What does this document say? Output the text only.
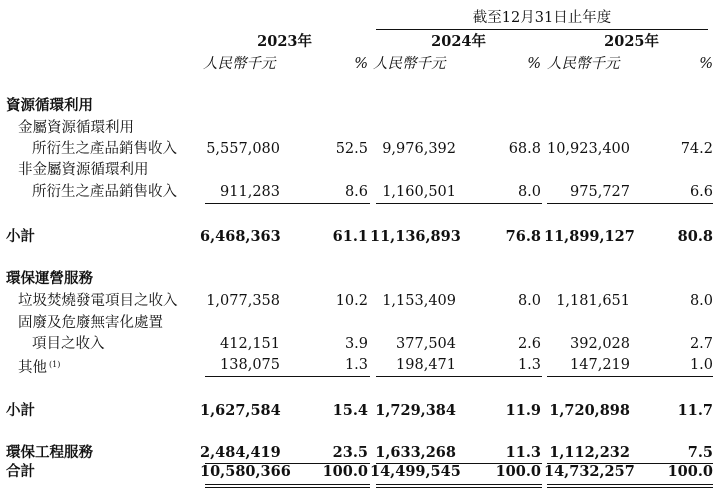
截至12月31日止年度
2023年	2024年	2025年
人民幣千元	% 人民幣千元	% 人民幣千元	%
資源循環利用
金屬資源循環利用
所衍生之產品銷售收入	5,557,080	52.5 9,976,392	68.8 10,923,400	74.2
非金屬資源循環利用
所衍生之產品銷售收入	911,283	8.6 1,160,501	8.0	975,727	6.6
小計	6,468,363	61.1 11,136,893	76.8 11,899,127	80.8
環保運營服務
垃圾焚燒發電項目之收入	1,077,358	10.2 1,153,409	8.0	1,181,651	8.0
固廢及危廢無害化處置
項目之收入	412,151	3.9	377,504	2.6	392,028	2.7
其他 $^{(1)}$	138,075	1.3	198,471	1.3	147,219	1.0
小計	1,627,584	15.4 1,729,384	11.9 1,720,898	11.7
環保工程服務	2,484,419	23.5 1,633,268	11.3 1,112,232	7.5
合計	10,580,366 100.0 14,499,545 100.0 14,732,257 100.0
